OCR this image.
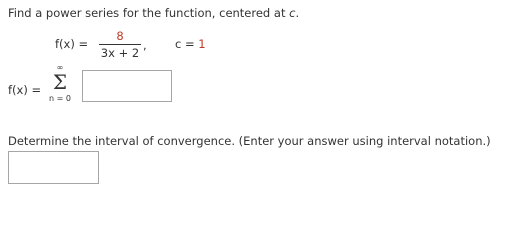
Find a power series for the function, centered at c.
f(x) =
8
3x + 2
, c = 1
f(x) =
∞
Σ
n = 0
Determine the interval of convergence. (Enter your answer using interval notation.)
